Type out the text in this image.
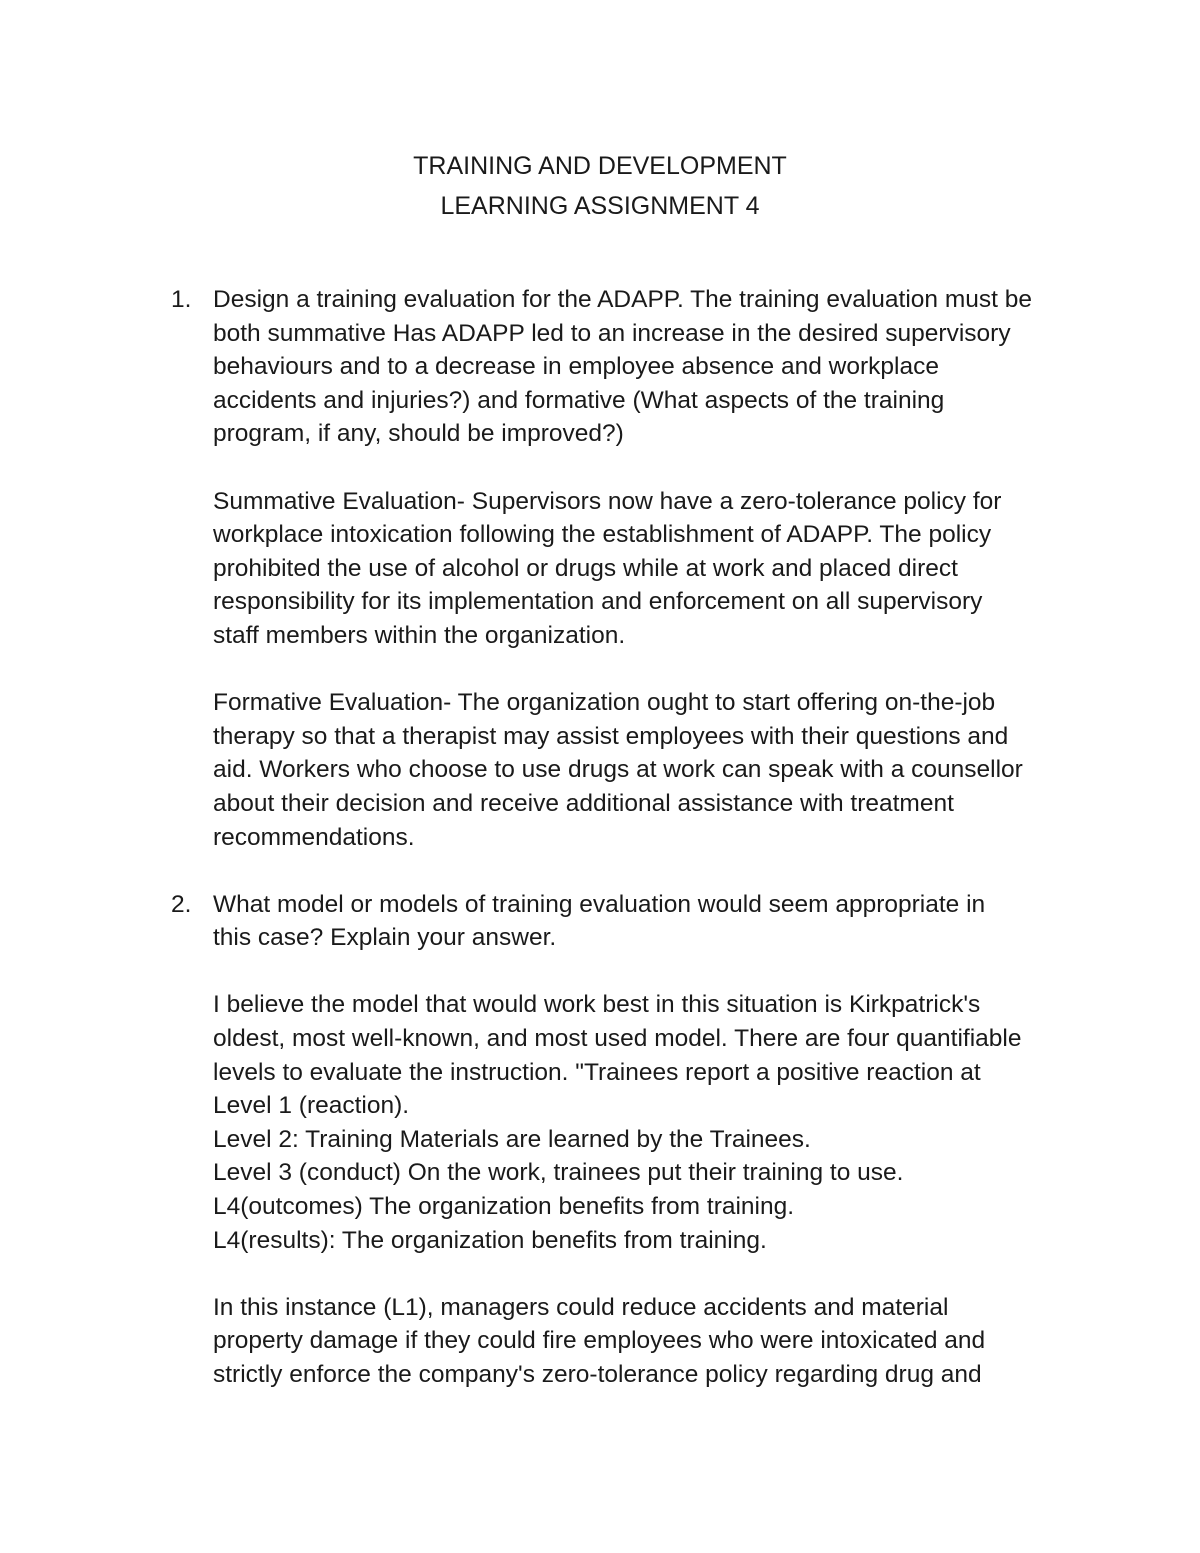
TRAINING AND DEVELOPMENT
LEARNING ASSIGNMENT 4
1. Design a training evaluation for the ADAPP. The training evaluation must be
both summative Has ADAPP led to an increase in the desired supervisory
behaviours and to a decrease in employee absence and workplace
accidents and injuries?) and formative (What aspects of the training
program, if any, should be improved?)
Summative Evaluation- Supervisors now have a zero-tolerance policy for
workplace intoxication following the establishment of ADAPP. The policy
prohibited the use of alcohol or drugs while at work and placed direct
responsibility for its implementation and enforcement on all supervisory
staff members within the organization.
Formative Evaluation- The organization ought to start offering on-the-job
therapy so that a therapist may assist employees with their questions and
aid. Workers who choose to use drugs at work can speak with a counsellor
about their decision and receive additional assistance with treatment
recommendations.
2. What model or models of training evaluation would seem appropriate in
this case? Explain your answer.
I believe the model that would work best in this situation is Kirkpatrick's
oldest, most well-known, and most used model. There are four quantifiable
levels to evaluate the instruction. "Trainees report a positive reaction at
Level 1 (reaction).
Level 2: Training Materials are learned by the Trainees.
Level 3 (conduct) On the work, trainees put their training to use.
L4(outcomes) The organization benefits from training.
L4(results): The organization benefits from training.
In this instance (L1), managers could reduce accidents and material
property damage if they could fire employees who were intoxicated and
strictly enforce the company's zero-tolerance policy regarding drug and
